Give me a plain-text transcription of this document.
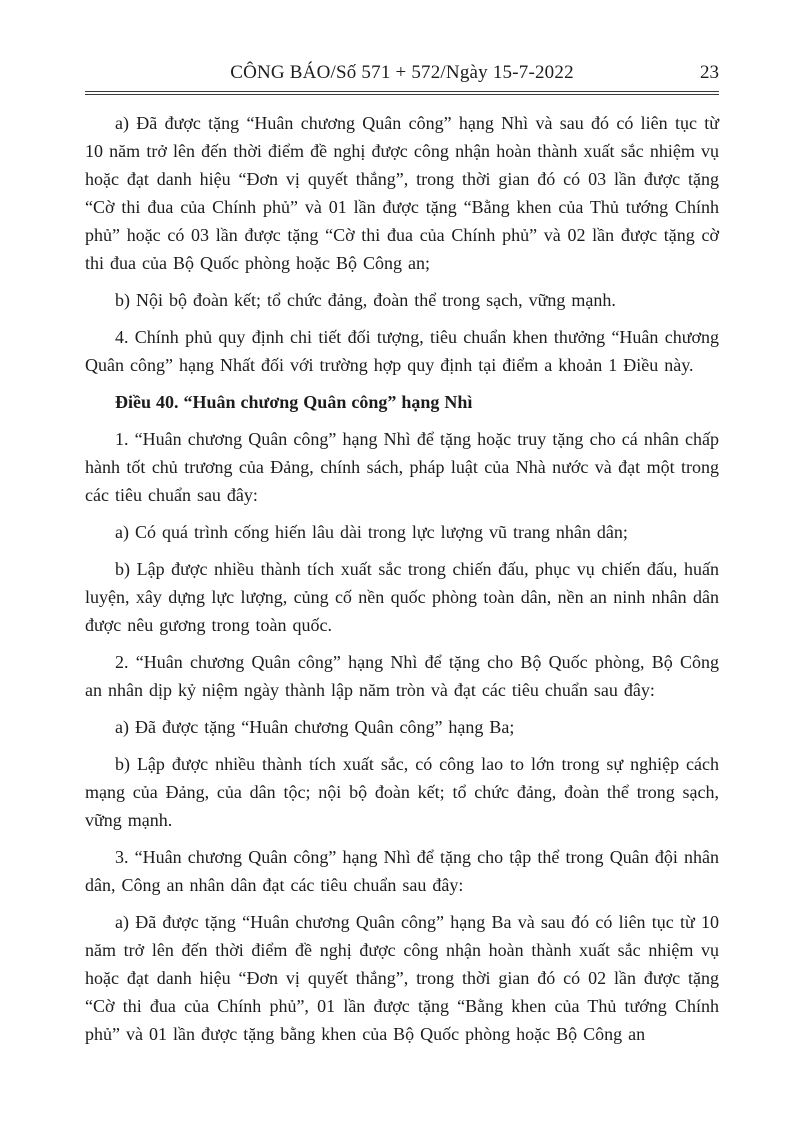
CÔNG BÁO/Số 571 + 572/Ngày 15-7-2022	23

a) Đã được tặng “Huân chương Quân công” hạng Nhì và sau đó có liên tục từ 10 năm trở lên đến thời điểm đề nghị được công nhận hoàn thành xuất sắc nhiệm vụ hoặc đạt danh hiệu “Đơn vị quyết thắng”, trong thời gian đó có 03 lần được tặng “Cờ thi đua của Chính phủ” và 01 lần được tặng “Bằng khen của Thủ tướng Chính phủ” hoặc có 03 lần được tặng “Cờ thi đua của Chính phủ” và 02 lần được tặng cờ thi đua của Bộ Quốc phòng hoặc Bộ Công an;

b) Nội bộ đoàn kết; tổ chức đảng, đoàn thể trong sạch, vững mạnh.

4. Chính phủ quy định chi tiết đối tượng, tiêu chuẩn khen thưởng “Huân chương Quân công” hạng Nhất đối với trường hợp quy định tại điểm a khoản 1 Điều này.

Điều 40. “Huân chương Quân công” hạng Nhì

1. “Huân chương Quân công” hạng Nhì để tặng hoặc truy tặng cho cá nhân chấp hành tốt chủ trương của Đảng, chính sách, pháp luật của Nhà nước và đạt một trong các tiêu chuẩn sau đây:

a) Có quá trình cống hiến lâu dài trong lực lượng vũ trang nhân dân;

b) Lập được nhiều thành tích xuất sắc trong chiến đấu, phục vụ chiến đấu, huấn luyện, xây dựng lực lượng, củng cố nền quốc phòng toàn dân, nền an ninh nhân dân được nêu gương trong toàn quốc.

2. “Huân chương Quân công” hạng Nhì để tặng cho Bộ Quốc phòng, Bộ Công an nhân dịp kỷ niệm ngày thành lập năm tròn và đạt các tiêu chuẩn sau đây:

a) Đã được tặng “Huân chương Quân công” hạng Ba;

b) Lập được nhiều thành tích xuất sắc, có công lao to lớn trong sự nghiệp cách mạng của Đảng, của dân tộc; nội bộ đoàn kết; tổ chức đảng, đoàn thể trong sạch, vững mạnh.

3. “Huân chương Quân công” hạng Nhì để tặng cho tập thể trong Quân đội nhân dân, Công an nhân dân đạt các tiêu chuẩn sau đây:

a) Đã được tặng “Huân chương Quân công” hạng Ba và sau đó có liên tục từ 10 năm trở lên đến thời điểm đề nghị được công nhận hoàn thành xuất sắc nhiệm vụ hoặc đạt danh hiệu “Đơn vị quyết thắng”, trong thời gian đó có 02 lần được tặng “Cờ thi đua của Chính phủ”, 01 lần được tặng “Bằng khen của Thủ tướng Chính phủ” và 01 lần được tặng bằng khen của Bộ Quốc phòng hoặc Bộ Công an
